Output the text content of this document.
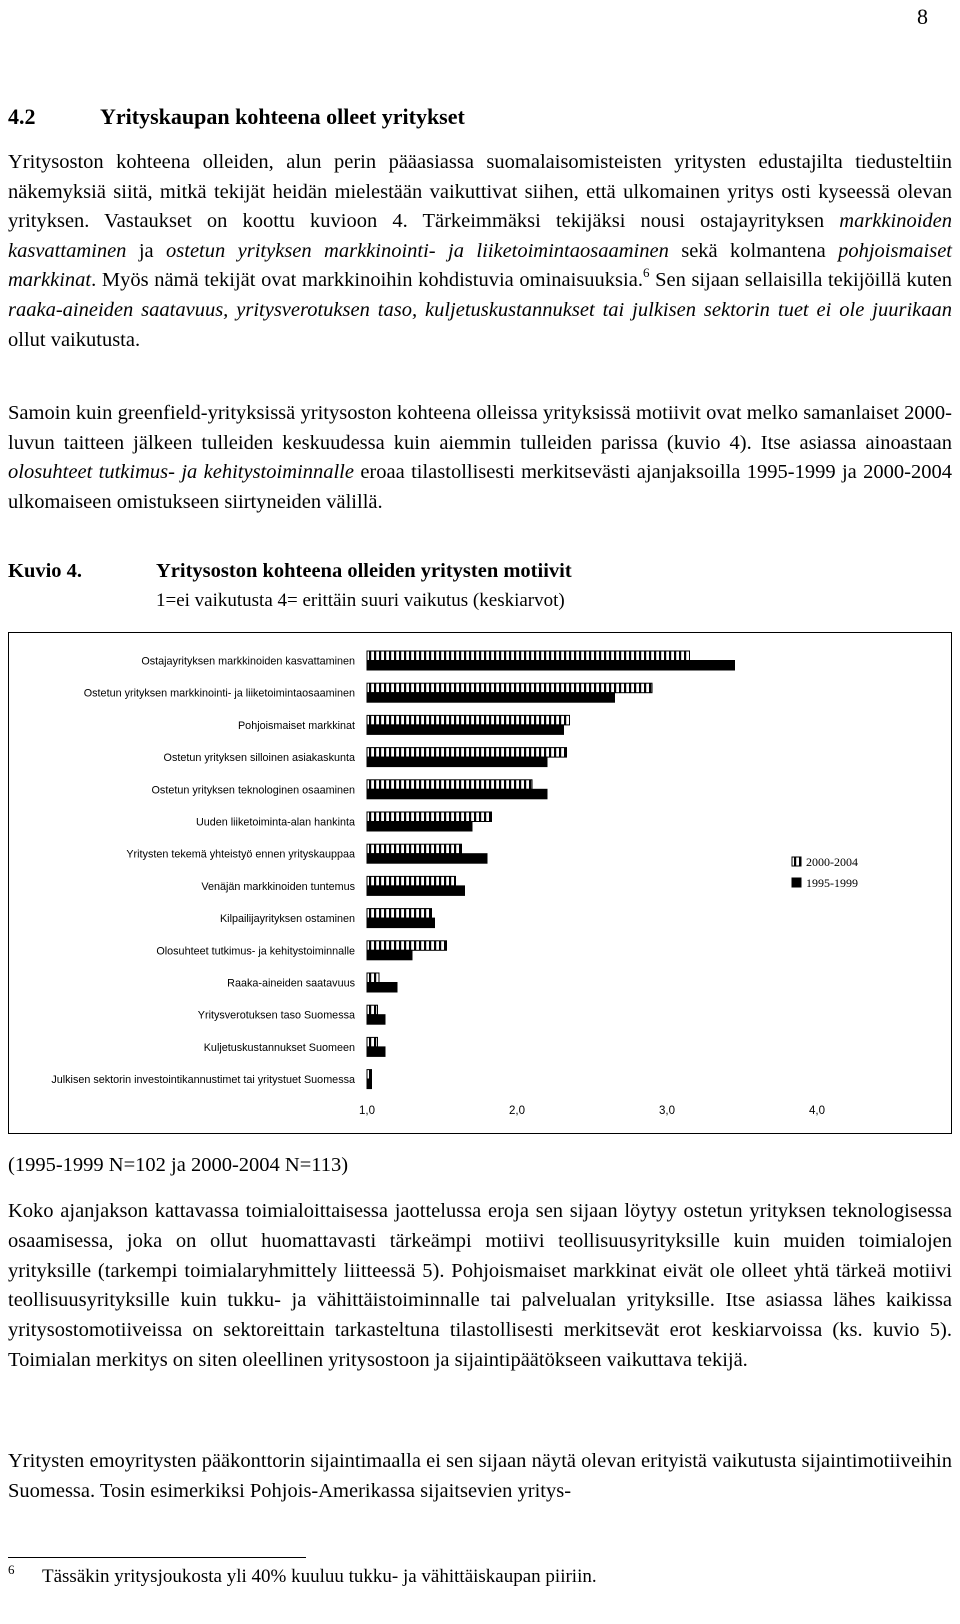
8
4.2	Yrityskaupan kohteena olleet yritykset

Yritysoston kohteena olleiden, alun perin pääasiassa suomalaisomisteisten yritysten edustajilta tiedusteltiin näkemyksiä siitä, mitkä tekijät heidän mielestään vaikuttivat siihen, että ulkomainen yritys osti kyseessä olevan yrityksen. Vastaukset on koottu kuvioon 4. Tärkeimmäksi tekijäksi nousi ostajayrityksen markkinoiden kasvattaminen ja ostetun yrityksen markkinointi- ja liiketoimintaosaaminen sekä kolmantena pohjoismaiset markkinat. Myös nämä tekijät ovat markkinoihin kohdistuvia ominaisuuksia.$^6$ Sen sijaan sellaisilla tekijöillä kuten raaka-aineiden saatavuus, yritysverotuksen taso, kuljetuskustannukset tai julkisen sektorin tuet ei ole juurikaan ollut vaikutusta.

Samoin kuin greenfield-yrityksissä yritysoston kohteena olleissa yrityksissä motiivit ovat melko samanlaiset 2000-luvun taitteen jälkeen tulleiden keskuudessa kuin aiemmin tulleiden parissa (kuvio 4). Itse asiassa ainoastaan olosuhteet tutkimus- ja kehitystoiminnalle eroaa tilastollisesti merkitsevästi ajanjaksoilla 1995-1999 ja 2000-2004 ulkomaiseen omistukseen siirtyneiden välillä.

Kuvio 4.	Yritysoston kohteena olleiden yritysten motiivit
1=ei vaikutusta 4= erittäin suuri vaikutus (keskiarvot)
Ostajayrityksen markkinoiden kasvattaminen
Ostetun yrityksen markkinointi- ja liiketoimintaosaaminen
Pohjoismaiset markkinat
Ostetun yrityksen silloinen asiakaskunta
Ostetun yrityksen teknologinen osaaminen
Uuden liiketoiminta-alan hankinta
Yritysten tekemä yhteistyö ennen yrityskauppaa
Venäjän markkinoiden tuntemus
Kilpailijayrityksen ostaminen
Olosuhteet tutkimus- ja kehitystoiminnalle
Raaka-aineiden saatavuus
Yritysverotuksen taso Suomessa
Kuljetuskustannukset Suomeen
Julkisen sektorin investointikannustimet tai yritystuet Suomessa
1,0	2,0	3,0	4,0
2000-2004
1995-1999
(1995-1999 N=102 ja 2000-2004 N=113)

Koko ajanjakson kattavassa toimialoittaisessa jaottelussa eroja sen sijaan löytyy ostetun yrityksen teknologisessa osaamisessa, joka on ollut huomattavasti tärkeämpi motiivi teollisuusyrityksille kuin muiden toimialojen yrityksille (tarkempi toimialaryhmittely liitteessä 5). Pohjoismaiset markkinat eivät ole olleet yhtä tärkeä motiivi teollisuusyrityksille kuin tukku- ja vähittäistoiminnalle tai palvelualan yrityksille. Itse asiassa lähes kaikissa yritysostomotiiveissa on sektoreittain tarkasteltuna tilastollisesti merkitsevät erot keskiarvoissa (ks. kuvio 5). Toimialan merkitys on siten oleellinen yritysostoon ja sijaintipäätökseen vaikuttava tekijä.

Yritysten emoyritysten pääkonttorin sijaintimaalla ei sen sijaan näytä olevan erityistä vaikutusta sijaintimotiiveihin Suomessa. Tosin esimerkiksi Pohjois-Amerikassa sijaitsevien yritys-

6 Tässäkin yritysjoukosta yli 40% kuuluu tukku- ja vähittäiskaupan piiriin.
